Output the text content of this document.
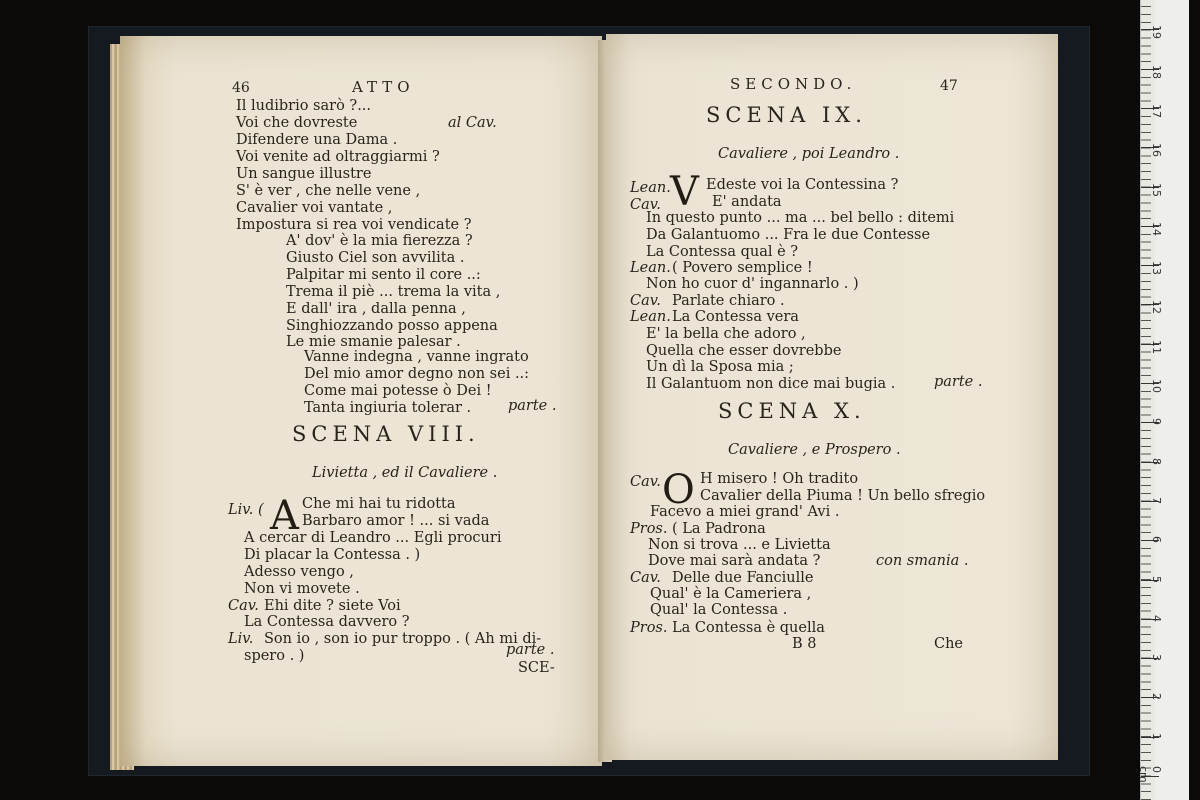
46	ATTO
Il ludibrio sarò ?...
Voi che dovreste
Difendere una Dama .
Voi venite ad oltraggiarmi ?
Un sangue illustre
S' è ver , che nelle vene ,
Cavalier voi vantate ,
Impostura si rea voi vendicate ?
al Cav.
A' dov' è la mia fierezza ?
Giusto Ciel son avvilita .
Palpitar mi sento il core ..:
Trema il piè ... trema la vita ,
E dall' ira , dalla penna ,
Singhiozzando posso appena
Le mie smanie palesar .
Vanne indegna , vanne ingrato
Del mio amor degno non sei ..:
Come mai potesse ò Dei !
Tanta ingiuria tolerar .	parte .
SCENA VIII.
Livietta , ed il Cavaliere .
Liv. ( A Che mi hai tu ridotta
Barbaro amor ! ... si vada
A cercar di Leandro ... Egli procuri
Di placar la Contessa . )
Adesso vengo ,
Non vi movete .
Cav. Ehi dite ? siete Voi
La Contessa davvero ?
Liv. Son io , son io pur troppo . ( Ah mi di-
spero . )	parte .
SCE-
SECONDO.	47
SCENA IX.
Cavaliere , poi Leandro .
V
Lean. Edeste voi la Contessina ?
Cav.	E' andata
In questo punto ... ma ... bel bello : ditemi
Da Galantuomo ... Fra le due Contesse
La Contessa qual è ?
Lean. ( Povero semplice !
Non ho cuor d' ingannarlo . )
Cav. Parlate chiaro .
Lean. La Contessa vera
E' la bella che adoro ,
Quella che esser dovrebbe
Un dì la Sposa mia ;
Il Galantuom non dice mai bugia .	parte .
SCENA X.
Cavaliere , e Prospero .
Cav. O H misero ! Oh tradito
Cavalier della Piuma ! Un bello sfregio
Facevo a miei grand' Avi .
Pros. ( La Padrona
Non si trova ... e Livietta
Dove mai sarà andata ?	con smania .
Cav. Delle due Fanciulle
Qual' è la Cameriera ,
Qual' la Contessa .
Pros. La Contessa è quella
B 8	Che
0 cm
1
2
3
4
5
6
7
8
9
10
11
12
13
14
15
16
17
18
19
